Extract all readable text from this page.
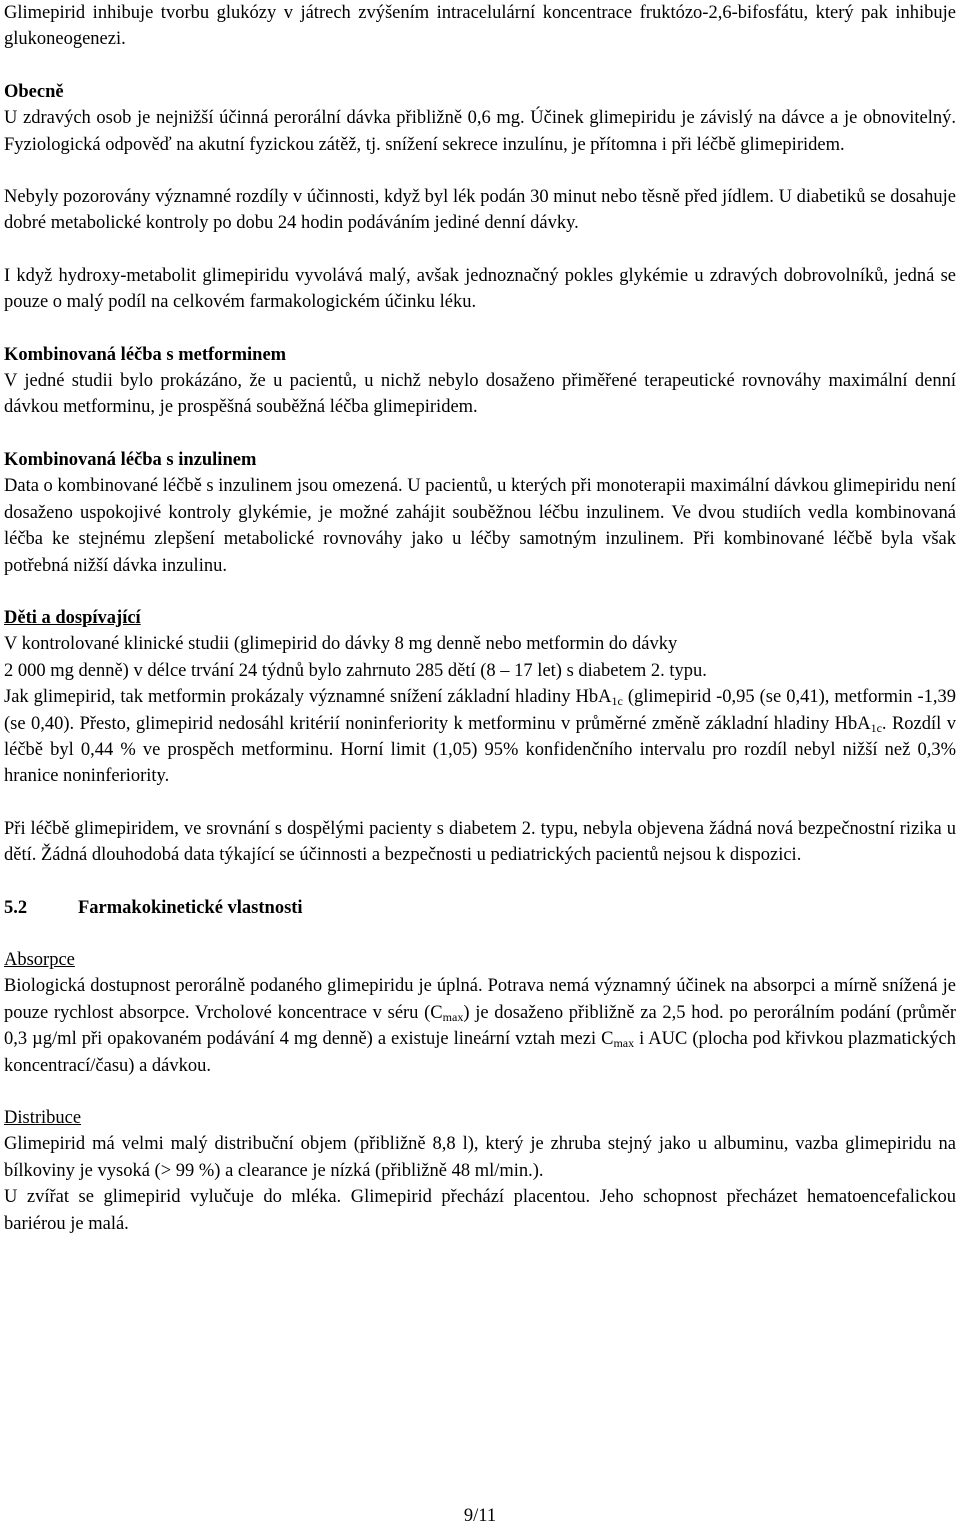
Glimepirid inhibuje tvorbu glukózy v játrech zvýšením intracelulární koncentrace fruktózo-2,6-bifosfátu, který pak inhibuje glukoneogenezi.

Obecně

U zdravých osob je nejnižší účinná perorální dávka přibližně 0,6 mg. Účinek glimepiridu je závislý na dávce a je obnovitelný. Fyziologická odpověď na akutní fyzickou zátěž, tj. snížení sekrece inzulínu, je přítomna i při léčbě glimepiridem.

Nebyly pozorovány významné rozdíly v účinnosti, když byl lék podán 30 minut nebo těsně před jídlem. U diabetiků se dosahuje dobré metabolické kontroly po dobu 24 hodin podáváním jediné denní dávky.

I když hydroxy-metabolit glimepiridu vyvolává malý, avšak jednoznačný pokles glykémie u zdravých dobrovolníků, jedná se pouze o malý podíl na celkovém farmakologickém účinku léku.

Kombinovaná léčba s metforminem

V jedné studii bylo prokázáno, že u pacientů, u nichž nebylo dosaženo přiměřené terapeutické rovnováhy maximální denní dávkou metforminu, je prospěšná souběžná léčba glimepiridem.

Kombinovaná léčba s inzulinem

Data o kombinované léčbě s inzulinem jsou omezená. U pacientů, u kterých při monoterapii maximální dávkou glimepiridu není dosaženo uspokojivé kontroly glykémie, je možné zahájit souběžnou léčbu inzulinem. Ve dvou studiích vedla kombinovaná léčba ke stejnému zlepšení metabolické rovnováhy jako u léčby samotným inzulinem. Při kombinované léčbě byla však potřebná nižší dávka inzulinu.

Děti a dospívající

V kontrolované klinické studii (glimepirid do dávky 8 mg denně nebo metformin do dávky

2 000 mg denně) v délce trvání 24 týdnů bylo zahrnuto 285 dětí (8 – 17 let) s diabetem 2. typu.

Jak glimepirid, tak metformin prokázaly významné snížení základní hladiny HbA$_{1c}$ (glimepirid -0,95 (se 0,41), metformin -1,39 (se 0,40). Přesto, glimepirid nedosáhl kritérií noninferiority k metforminu v průměrné změně základní hladiny HbA$_{1c}$. Rozdíl v léčbě byl 0,44 % ve prospěch metforminu. Horní limit (1,05) 95% konfidenčního intervalu pro rozdíl nebyl nižší než 0,3% hranice noninferiority.

Při léčbě glimepiridem, ve srovnání s dospělými pacienty s diabetem 2. typu, nebyla objevena žádná nová bezpečnostní rizika u dětí. Žádná dlouhodobá data týkající se účinnosti a bezpečnosti u pediatrických pacientů nejsou k dispozici.

5.2	Farmakokinetické vlastnosti
Absorpce

Biologická dostupnost perorálně podaného glimepiridu je úplná. Potrava nemá významný účinek na absorpci a mírně snížená je pouze rychlost absorpce. Vrcholové koncentrace v séru $(C_{max})$ je dosaženo přibližně za 2,5 hod. po perorálním podání (průměr 0,3 µg/ml při opakovaném podávání 4 mg denně) a existuje lineární vztah mezi $C_{max}$ i AUC (plocha pod křivkou plazmatických koncentrací/času) a dávkou.

Distribuce

Glimepirid má velmi malý distribuční objem (přibližně 8,8 l), který je zhruba stejný jako u albuminu, vazba glimepiridu na bílkoviny je vysoká (> 99 %) a clearance je nízká (přibližně 48 ml/min.).

U zvířat se glimepirid vylučuje do mléka. Glimepirid přechází placentou. Jeho schopnost přecházet hematoencefalickou bariérou je malá.

9/11
